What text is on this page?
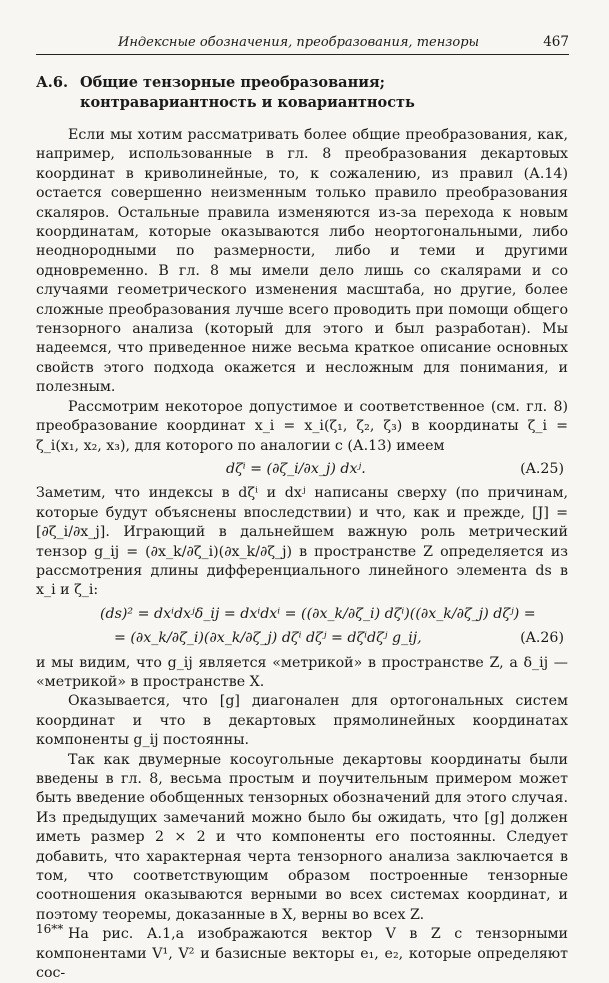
Индексные обозначения, преобразования, тензоры	467
А.6. Общие тензорные преобразования;
контравариантность и ковариантность

Если мы хотим рассматривать более общие преобразования, как, например, использованные в гл. 8 преобразования декартовых координат в криволинейные, то, к сожалению, из правил (А.14) остается совершенно неизменным только правило преобразования скаляров. Остальные правила изменяются из-за перехода к новым координатам, которые оказываются либо неортогональными, либо неоднородными по размерности, либо и теми и другими одновременно. В гл. 8 мы имели дело лишь со скалярами и со случаями геометрического изменения масштаба, но другие, более сложные преобразования лучше всего проводить при помощи общего тензорного анализа (который для этого и был разработан). Мы надеемся, что приведенное ниже весьма краткое описание основных свойств этого подхода окажется и несложным для понимания, и полезным.

Рассмотрим некоторое допустимое и соответственное (см. гл. 8) преобразование координат x_i = x_i(ζ₁, ζ₂, ζ₃) в координаты ζ_i = ζ_i(x₁, x₂, x₃), для которого по аналогии с (А.13) имеем

dζⁱ = (∂ζ_i/∂x_j) dxʲ.	(A.25)

Заметим, что индексы в dζⁱ и dxʲ написаны сверху (по причинам, которые будут объяснены впоследствии) и что, как и прежде, [J] = [∂ζ_i/∂x_j]. Играющий в дальнейшем важную роль метрический тензор g_ij = (∂x_k/∂ζ_i)(∂x_k/∂ζ_j) в пространстве Z определяется из рассмотрения длины дифференциального линейного элемента ds в x_i и ζ_i:

(ds)² = dxⁱdxʲδ_ij = dxⁱdxⁱ = ((∂x_k/∂ζ_i) dζⁱ)((∂x_k/∂ζ_j) dζʲ) =
= (∂x_k/∂ζ_i)(∂x_k/∂ζ_j) dζⁱ dζʲ = dζⁱdζʲ g_ij,	(A.26)

и мы видим, что g_ij является «метрикой» в пространстве Z, а δ_ij — «метрикой» в пространстве X.

Оказывается, что [g] диагонален для ортогональных систем координат и что в декартовых прямолинейных координатах компоненты g_ij постоянны.

Так как двумерные косоугольные декартовы координаты были введены в гл. 8, весьма простым и поучительным примером может быть введение обобщенных тензорных обозначений для этого случая. Из предыдущих замечаний можно было бы ожидать, что [g] должен иметь размер 2 × 2 и что компоненты его постоянны. Следует добавить, что характерная черта тензорного анализа заключается в том, что соответствующим образом построенные тензорные соотношения оказываются верными во всех системах координат, и поэтому теоремы, доказанные в X, верны во всех Z.

На рис. А.1,а изображаются вектор V в Z с тензорными компонентами V¹, V² и базисные векторы e₁, e₂, которые определяют сос-

16**
